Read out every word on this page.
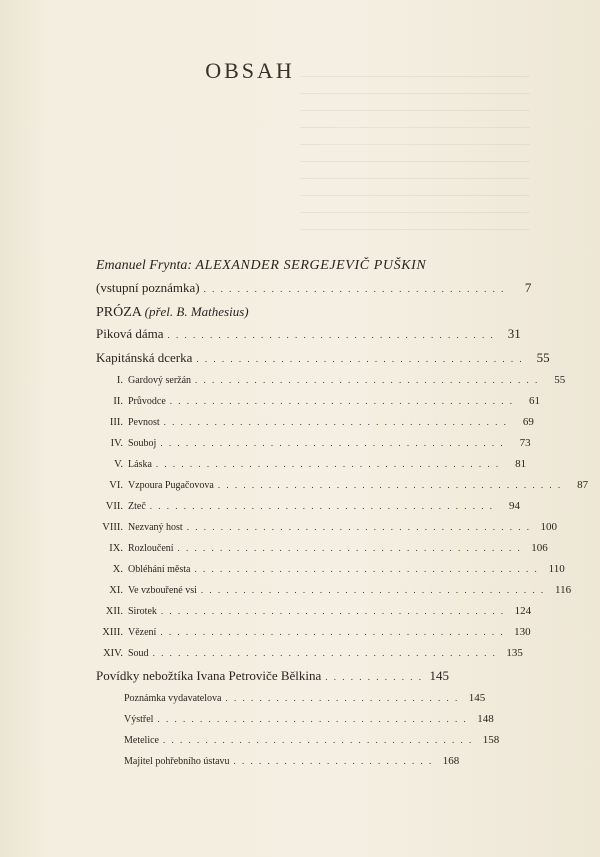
OBSAH
Emanuel Frynta: ALEXANDER SERGEJEVIČ PUŠKIN
(vstupní poznámka) . . . . . . . . . . . . . . . . . . . . . . . . . . . . . . . . . . . .	7
PRÓZA (přel. B. Mathesius)
Piková dáma . . . . . . . . . . . . . . . . . . . . . . . . . . . . . . . . . . . . . . .	31
Kapitánská dcerka . . . . . . . . . . . . . . . . . . . . . . . . . . . . . . . . . . . . . . .	55
I. Gardový seržán . . . . . . . . . . . . . . . . . . . . . . . . . . . . . . . . . . . . . . . . .	55
II. Průvodce . . . . . . . . . . . . . . . . . . . . . . . . . . . . . . . . . . . . . . . . .	61
III. Pevnost . . . . . . . . . . . . . . . . . . . . . . . . . . . . . . . . . . . . . . . . .	69
IV. Souboj . . . . . . . . . . . . . . . . . . . . . . . . . . . . . . . . . . . . . . . . .	73
V. Láska . . . . . . . . . . . . . . . . . . . . . . . . . . . . . . . . . . . . . . . . .	81
VI. Vzpoura Pugačovova . . . . . . . . . . . . . . . . . . . . . . . . . . . . . . . . . . . . . . . . .	87
VII. Zteč . . . . . . . . . . . . . . . . . . . . . . . . . . . . . . . . . . . . . . . . .	94
VIII. Nezvaný host . . . . . . . . . . . . . . . . . . . . . . . . . . . . . . . . . . . . . . . . . 100
IX. Rozloučení . . . . . . . . . . . . . . . . . . . . . . . . . . . . . . . . . . . . . . . . . 106
X. Obléhání města . . . . . . . . . . . . . . . . . . . . . . . . . . . . . . . . . . . . . . . . . 110
XI. Ve vzbouřené vsi . . . . . . . . . . . . . . . . . . . . . . . . . . . . . . . . . . . . . . . . . 116
XII. Sirotek . . . . . . . . . . . . . . . . . . . . . . . . . . . . . . . . . . . . . . . . . 124
XIII. Vězení . . . . . . . . . . . . . . . . . . . . . . . . . . . . . . . . . . . . . . . . . 130
XIV. Soud . . . . . . . . . . . . . . . . . . . . . . . . . . . . . . . . . . . . . . . . . 135
Povídky nebožtíka Ivana Petroviče Bělkina . . . . . . . . . . . . 145
Poznámka vydavatelova . . . . . . . . . . . . . . . . . . . . . . . . . . . . 145
Výstřel . . . . . . . . . . . . . . . . . . . . . . . . . . . . . . . . . . . . . 148
Metelice . . . . . . . . . . . . . . . . . . . . . . . . . . . . . . . . . . . . . 158
Majitel pohřebního ústavu . . . . . . . . . . . . . . . . . . . . . . . . 168
